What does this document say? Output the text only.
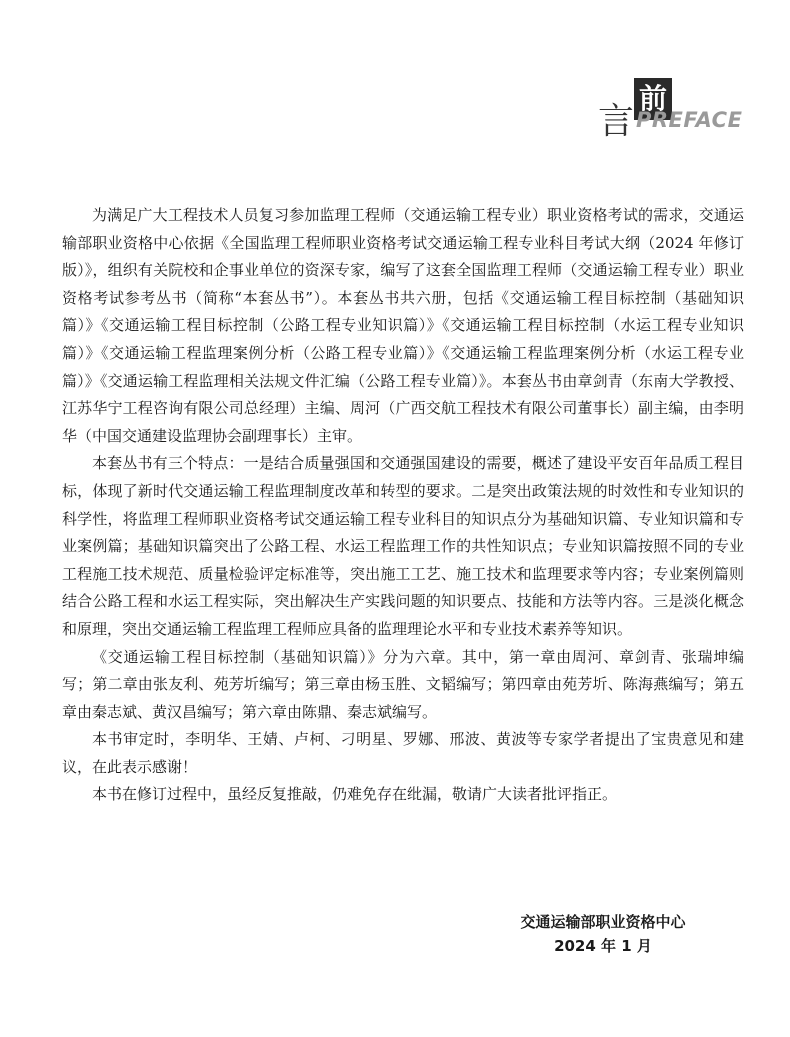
前
言 PREFACE

为满足广大工程技术人员复习参加监理工程师（交通运输工程专业）职业资格考试的需求，交通运输部职业资格中心依据《全国监理工程师职业资格考试交通运输工程专业科目考试大纲（2024 年修订版）》，组织有关院校和企事业单位的资深专家，编写了这套全国监理工程师（交通运输工程专业）职业资格考试参考丛书（简称“本套丛书”）。本套丛书共六册，包括《交通运输工程目标控制（基础知识篇）》《交通运输工程目标控制（公路工程专业知识篇）》《交通运输工程目标控制（水运工程专业知识篇）》《交通运输工程监理案例分析（公路工程专业篇）》《交通运输工程监理案例分析（水运工程专业篇）》《交通运输工程监理相关法规文件汇编（公路工程专业篇）》。本套丛书由章剑青（东南大学教授、江苏华宁工程咨询有限公司总经理）主编、周河（广西交航工程技术有限公司董事长）副主编，由李明华（中国交通建设监理协会副理事长）主审。

本套丛书有三个特点：一是结合质量强国和交通强国建设的需要，概述了建设平安百年品质工程目标，体现了新时代交通运输工程监理制度改革和转型的要求。二是突出政策法规的时效性和专业知识的科学性，将监理工程师职业资格考试交通运输工程专业科目的知识点分为基础知识篇、专业知识篇和专业案例篇；基础知识篇突出了公路工程、水运工程监理工作的共性知识点；专业知识篇按照不同的专业工程施工技术规范、质量检验评定标准等，突出施工工艺、施工技术和监理要求等内容；专业案例篇则结合公路工程和水运工程实际，突出解决生产实践问题的知识要点、技能和方法等内容。三是淡化概念和原理，突出交通运输工程监理工程师应具备的监理理论水平和专业技术素养等知识。

《交通运输工程目标控制（基础知识篇）》分为六章。其中，第一章由周河、章剑青、张瑞坤编写；第二章由张友利、苑芳圻编写；第三章由杨玉胜、文韬编写；第四章由苑芳圻、陈海燕编写；第五章由秦志斌、黄汉昌编写；第六章由陈鼎、秦志斌编写。

本书审定时，李明华、王婧、卢柯、刁明星、罗娜、邢波、黄波等专家学者提出了宝贵意见和建议，在此表示感谢！

本书在修订过程中，虽经反复推敲，仍难免存在纰漏，敬请广大读者批评指正。

交通运输部职业资格中心
2024 年 1 月
